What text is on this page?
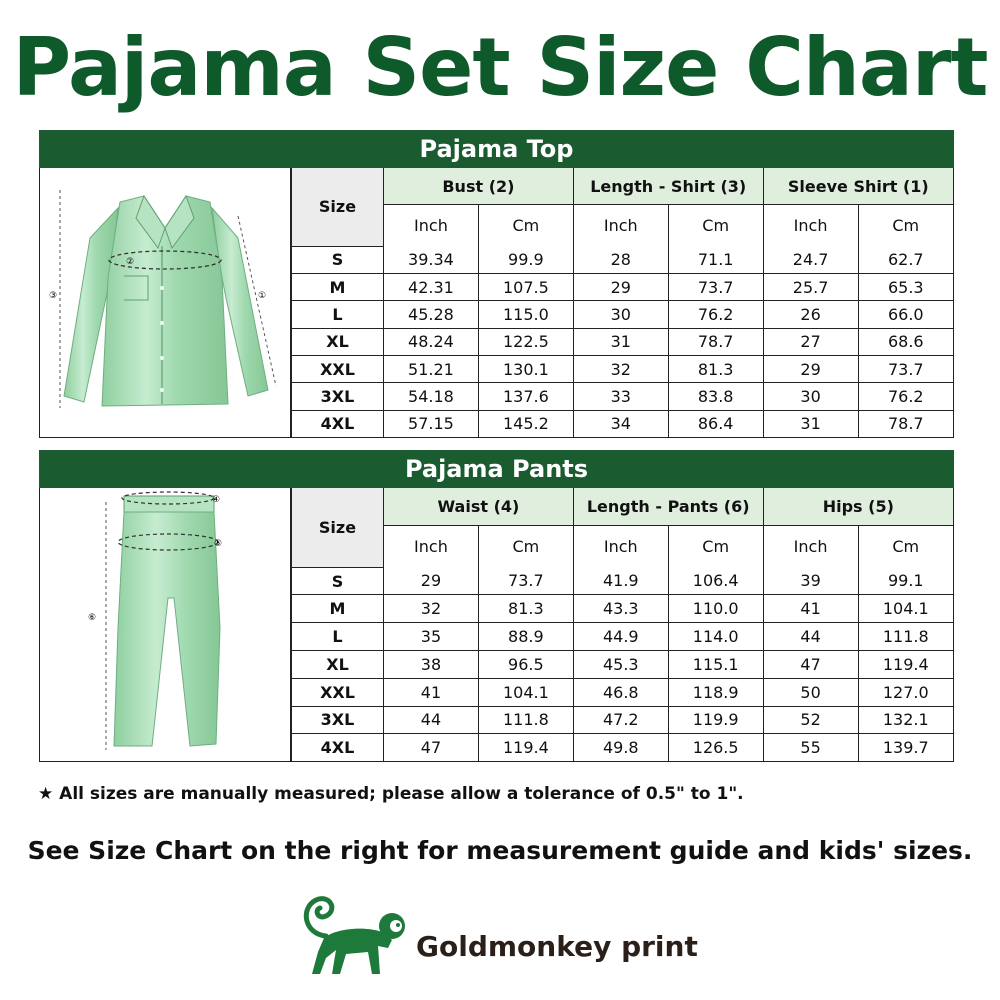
Pajama Set Size Chart
Pajama Top
③
②
①
Size	Bust (2)		Length - Shirt (3)		Sleeve Shirt (1)	
	Inch	Cm	Inch	Cm	Inch	Cm
S	39.34	99.9	28	71.1	24.7	62.7
M	42.31	107.5	29	73.7	25.7	65.3
L	45.28	115.0	30	76.2	26	66.0
XL	48.24	122.5	31	78.7	27	68.6
XXL	51.21	130.1	32	81.3	29	73.7
3XL	54.18	137.6	33	83.8	30	76.2
4XL	57.15	145.2	34	86.4	31	78.7
Pajama Pants
④
⑤
⑥
Size	Waist (4)		Length - Pants (6)		Hips (5)	
	Inch	Cm	Inch	Cm	Inch	Cm
S	29	73.7	41.9	106.4	39	99.1
M	32	81.3	43.3	110.0	41	104.1
L	35	88.9	44.9	114.0	44	111.8
XL	38	96.5	45.3	115.1	47	119.4
XXL	41	104.1	46.8	118.9	50	127.0
3XL	44	111.8	47.2	119.9	52	132.1
4XL	47	119.4	49.8	126.5	55	139.7
★ All sizes are manually measured; please allow a tolerance of 0.5" to 1".
See Size Chart on the right for measurement guide and kids' sizes.
Goldmonkey print
